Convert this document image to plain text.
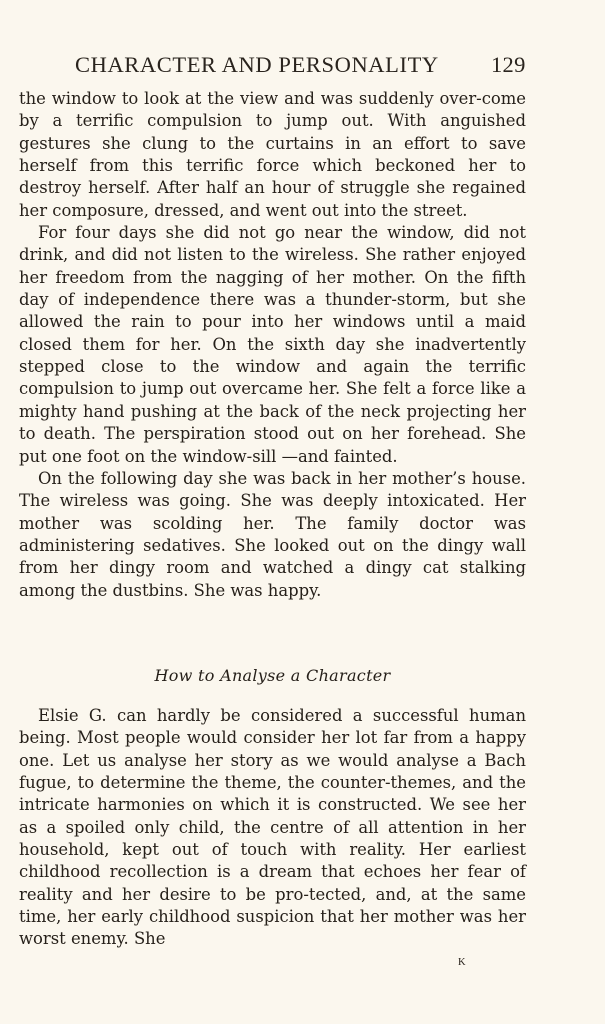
CHARACTER AND PERSONALITY 129

the window to look at the view and was suddenly over-come by a terrific compulsion to jump out. With anguished gestures she clung to the curtains in an effort to save herself from this terrific force which beckoned her to destroy herself. After half an hour of struggle she regained her composure, dressed, and went out into the street.

For four days she did not go near the window, did not drink, and did not listen to the wireless. She rather enjoyed her freedom from the nagging of her mother. On the fifth day of independence there was a thunder-storm, but she allowed the rain to pour into her windows until a maid closed them for her. On the sixth day she inadvertently stepped close to the window and again the terrific compulsion to jump out overcame her. She felt a force like a mighty hand pushing at the back of the neck projecting her to death. The perspiration stood out on her forehead. She put one foot on the window-sill —and fainted.

On the following day she was back in her mother’s house. The wireless was going. She was deeply intoxicated. Her mother was scolding her. The family doctor was administering sedatives. She looked out on the dingy wall from her dingy room and watched a dingy cat stalking among the dustbins. She was happy.

How to Analyse a Character

Elsie G. can hardly be considered a successful human being. Most people would consider her lot far from a happy one. Let us analyse her story as we would analyse a Bach fugue, to determine the theme, the counter-themes, and the intricate harmonies on which it is constructed. We see her as a spoiled only child, the centre of all attention in her household, kept out of touch with reality. Her earliest childhood recollection is a dream that echoes her fear of reality and her desire to be pro-tected, and, at the same time, her early childhood suspicion that her mother was her worst enemy. She

K
